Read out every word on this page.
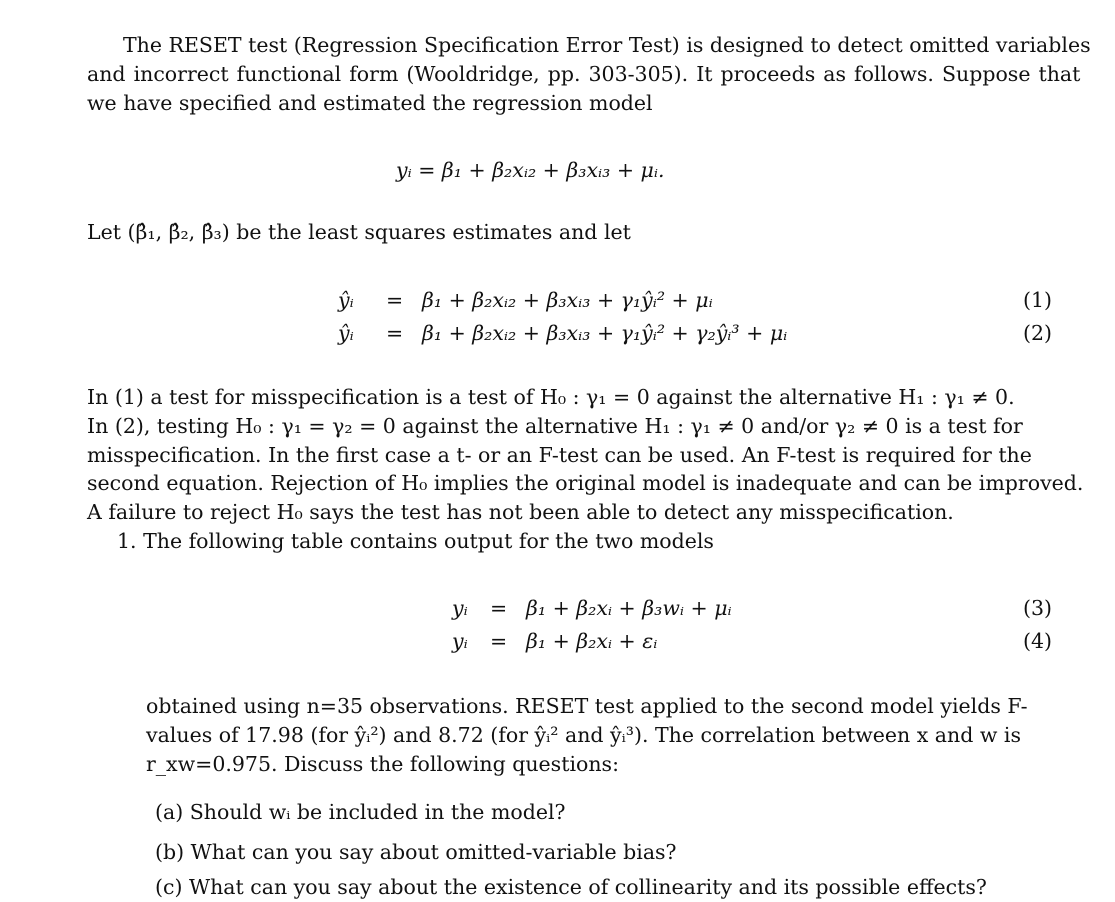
The RESET test (Regression Specification Error Test) is designed to detect omitted variables
and incorrect functional form (Wooldridge, pp. 303-305). It proceeds as follows. Suppose that
we have specified and estimated the regression model
yᵢ = β₁ + β₂xᵢ₂ + β₃xᵢ₃ + μᵢ.
Let (β̂₁, β̂₂, β̂₃) be the least squares estimates and let
ŷᵢ = β₁ + β₂xᵢ₂ + β₃xᵢ₃ + γ₁ŷᵢ² + μᵢ	(1)
ŷᵢ = β₁ + β₂xᵢ₂ + β₃xᵢ₃ + γ₁ŷᵢ² + γ₂ŷᵢ³ + μᵢ	(2)
In (1) a test for misspecification is a test of H₀ : γ₁ = 0 against the alternative H₁ : γ₁ ≠ 0.
In (2), testing H₀ : γ₁ = γ₂ = 0 against the alternative H₁ : γ₁ ≠ 0 and/or γ₂ ≠ 0 is a test for
misspecification. In the first case a t- or an F-test can be used. An F-test is required for the
second equation. Rejection of H₀ implies the original model is inadequate and can be improved.
A failure to reject H₀ says the test has not been able to detect any misspecification.
1. The following table contains output for the two models
yᵢ = β₁ + β₂xᵢ + β₃wᵢ + μᵢ	(3)
yᵢ = β₁ + β₂xᵢ + εᵢ	(4)
obtained using n=35 observations. RESET test applied to the second model yields F-
values of 17.98 (for ŷᵢ²) and 8.72 (for ŷᵢ² and ŷᵢ³). The correlation between x and w is
r_xw=0.975. Discuss the following questions:
(a) Should wᵢ be included in the model?
(b) What can you say about omitted-variable bias?
(c) What can you say about the existence of collinearity and its possible effects?
